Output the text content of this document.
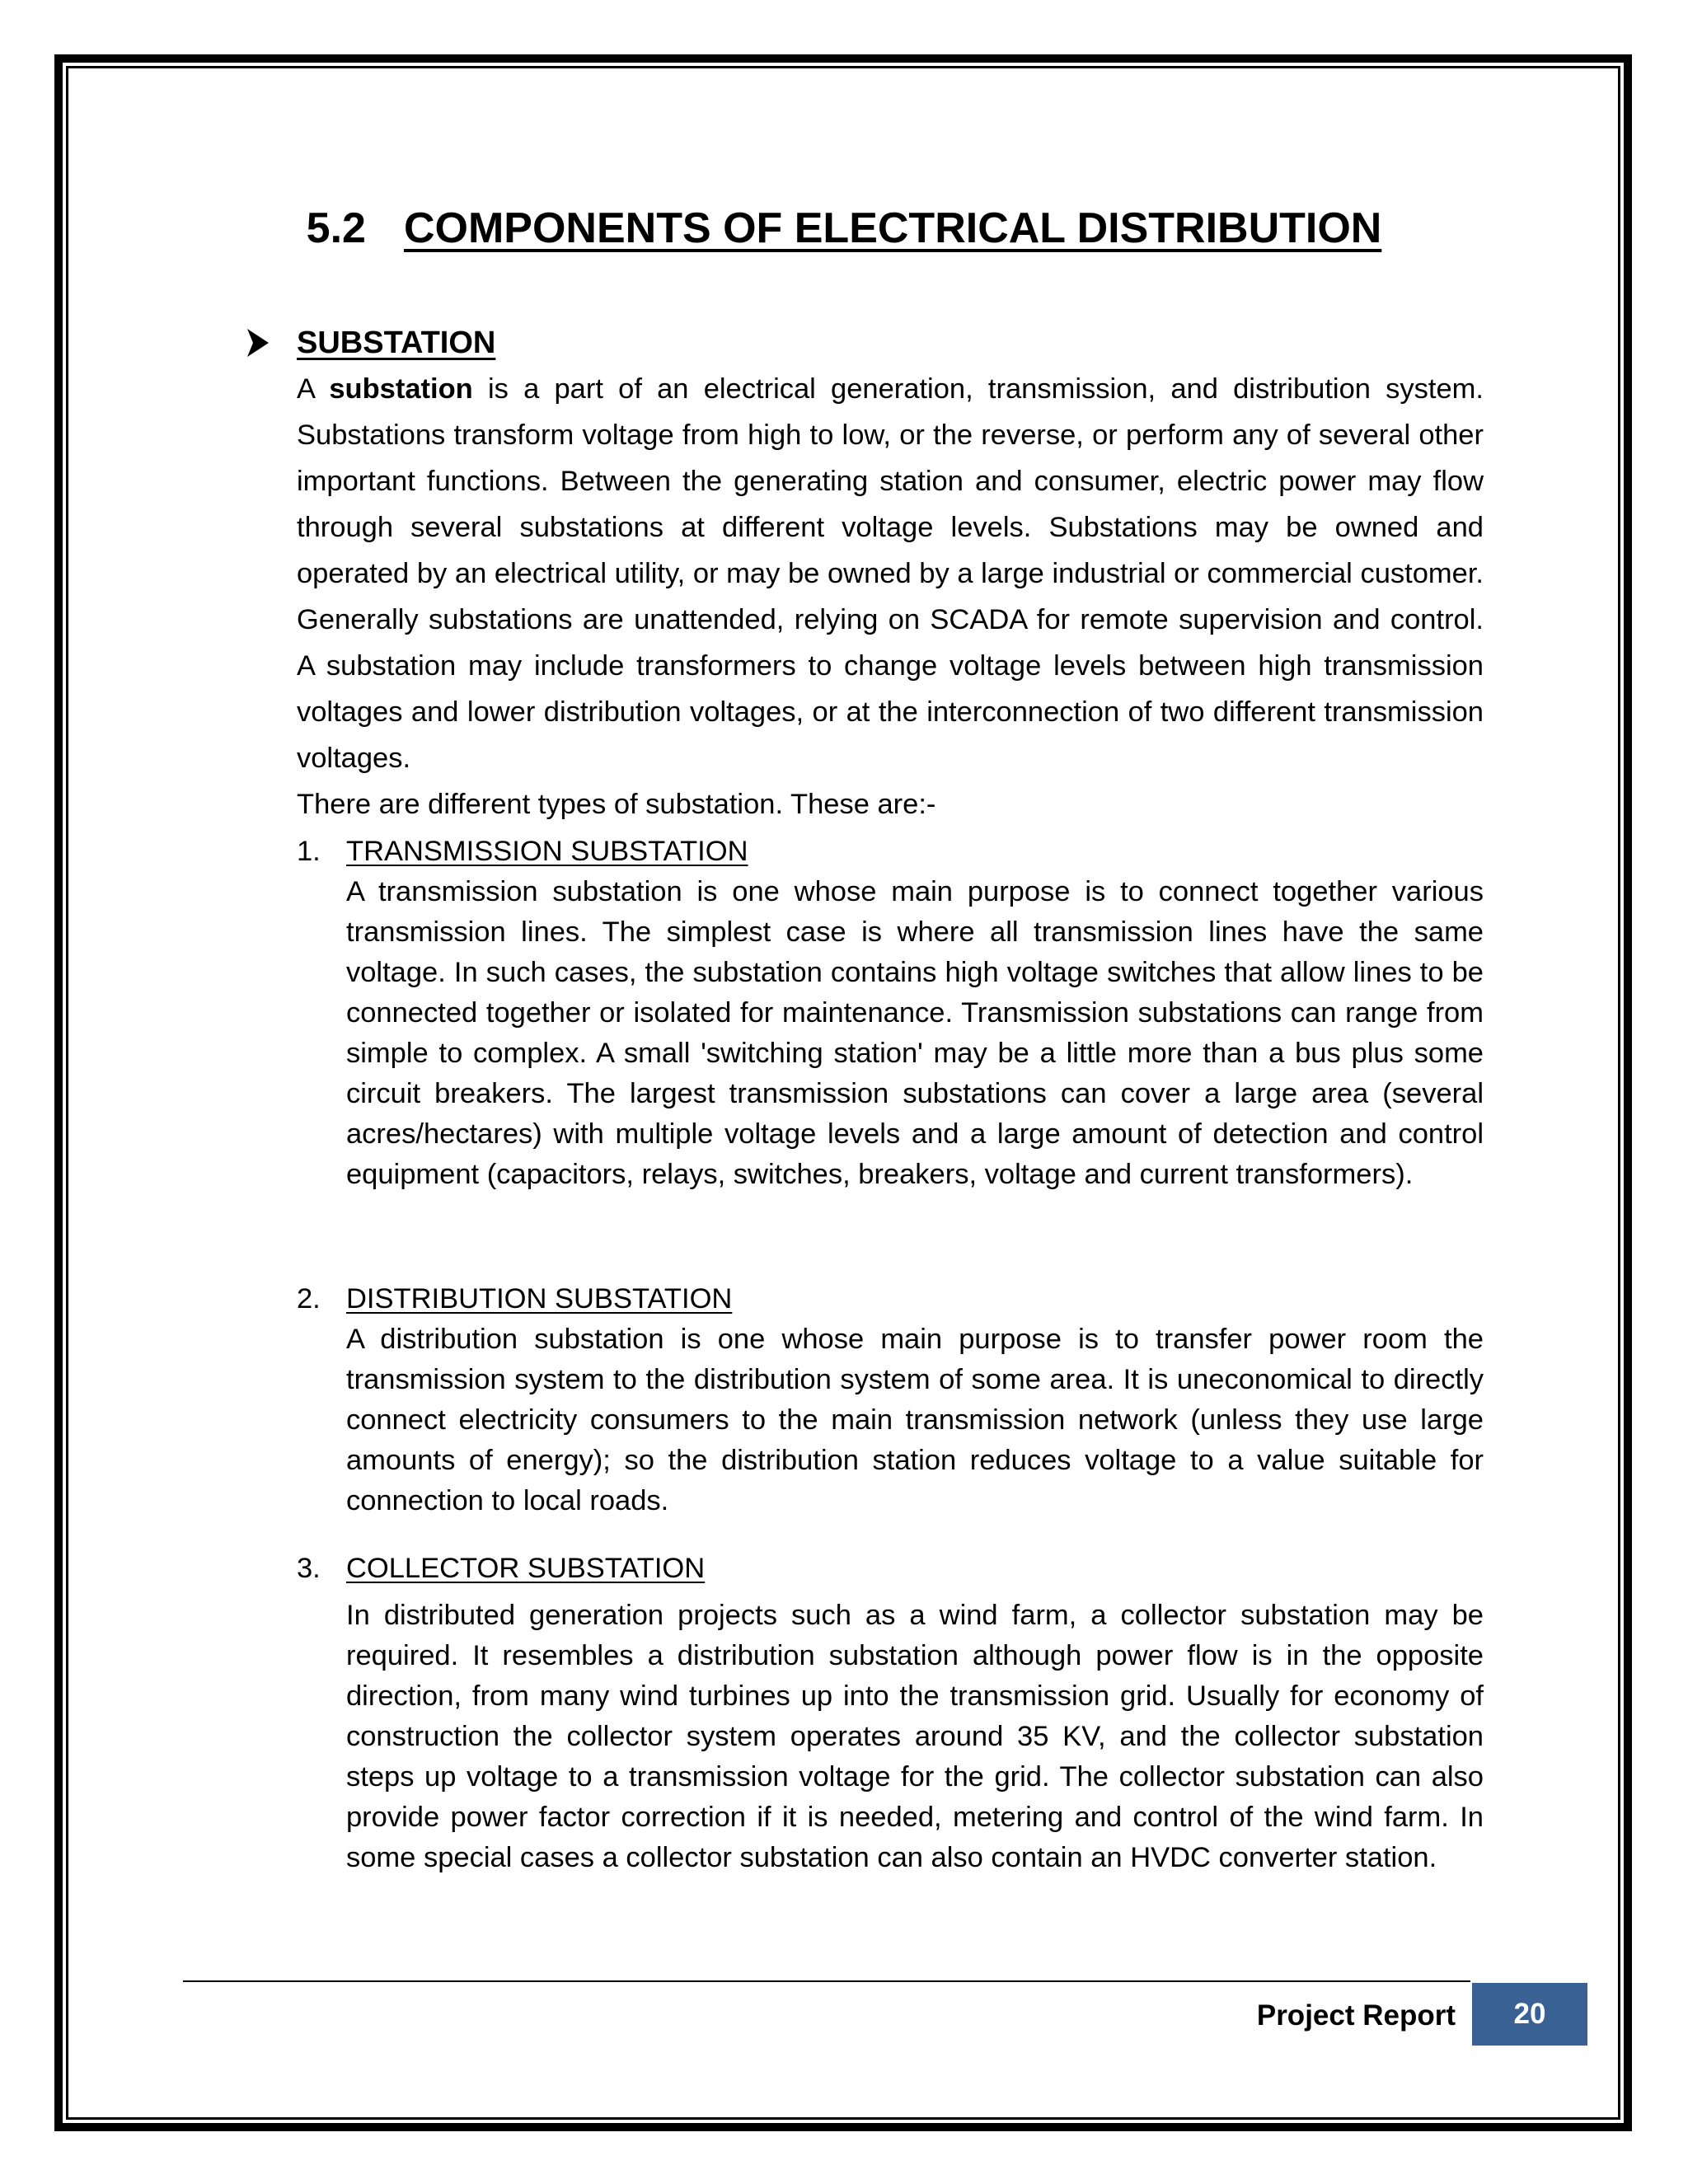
5.2 COMPONENTS OF ELECTRICAL DISTRIBUTION
SUBSTATION

A substation is a part of an electrical generation, transmission, and distribution system. Substations transform voltage from high to low, or the reverse, or perform any of several other important functions. Between the generating station and consumer, electric power may flow through several substations at different voltage levels. Substations may be owned and operated by an electrical utility, or may be owned by a large industrial or commercial customer. Generally substations are unattended, relying on SCADA for remote supervision and control. A substation may include transformers to change voltage levels between high transmission voltages and lower distribution voltages, or at the interconnection of two different transmission voltages.

There are different types of substation. These are:-
1. TRANSMISSION SUBSTATION

A transmission substation is one whose main purpose is to connect together various transmission lines. The simplest case is where all transmission lines have the same voltage. In such cases, the substation contains high voltage switches that allow lines to be connected together or isolated for maintenance. Transmission substations can range from simple to complex. A small 'switching station' may be a little more than a bus plus some circuit breakers. The largest transmission substations can cover a large area (several acres/hectares) with multiple voltage levels and a large amount of detection and control equipment (capacitors, relays, switches, breakers, voltage and current transformers).

2. DISTRIBUTION SUBSTATION

A distribution substation is one whose main purpose is to transfer power room the transmission system to the distribution system of some area. It is uneconomical to directly connect electricity consumers to the main transmission network (unless they use large amounts of energy); so the distribution station reduces voltage to a value suitable for connection to local roads.

3. COLLECTOR SUBSTATION

In distributed generation projects such as a wind farm, a collector substation may be required. It resembles a distribution substation although power flow is in the opposite direction, from many wind turbines up into the transmission grid. Usually for economy of construction the collector system operates around 35 KV, and the collector substation steps up voltage to a transmission voltage for the grid. The collector substation can also provide power factor correction if it is needed, metering and control of the wind farm. In some special cases a collector substation can also contain an HVDC converter station.

Project Report	20
